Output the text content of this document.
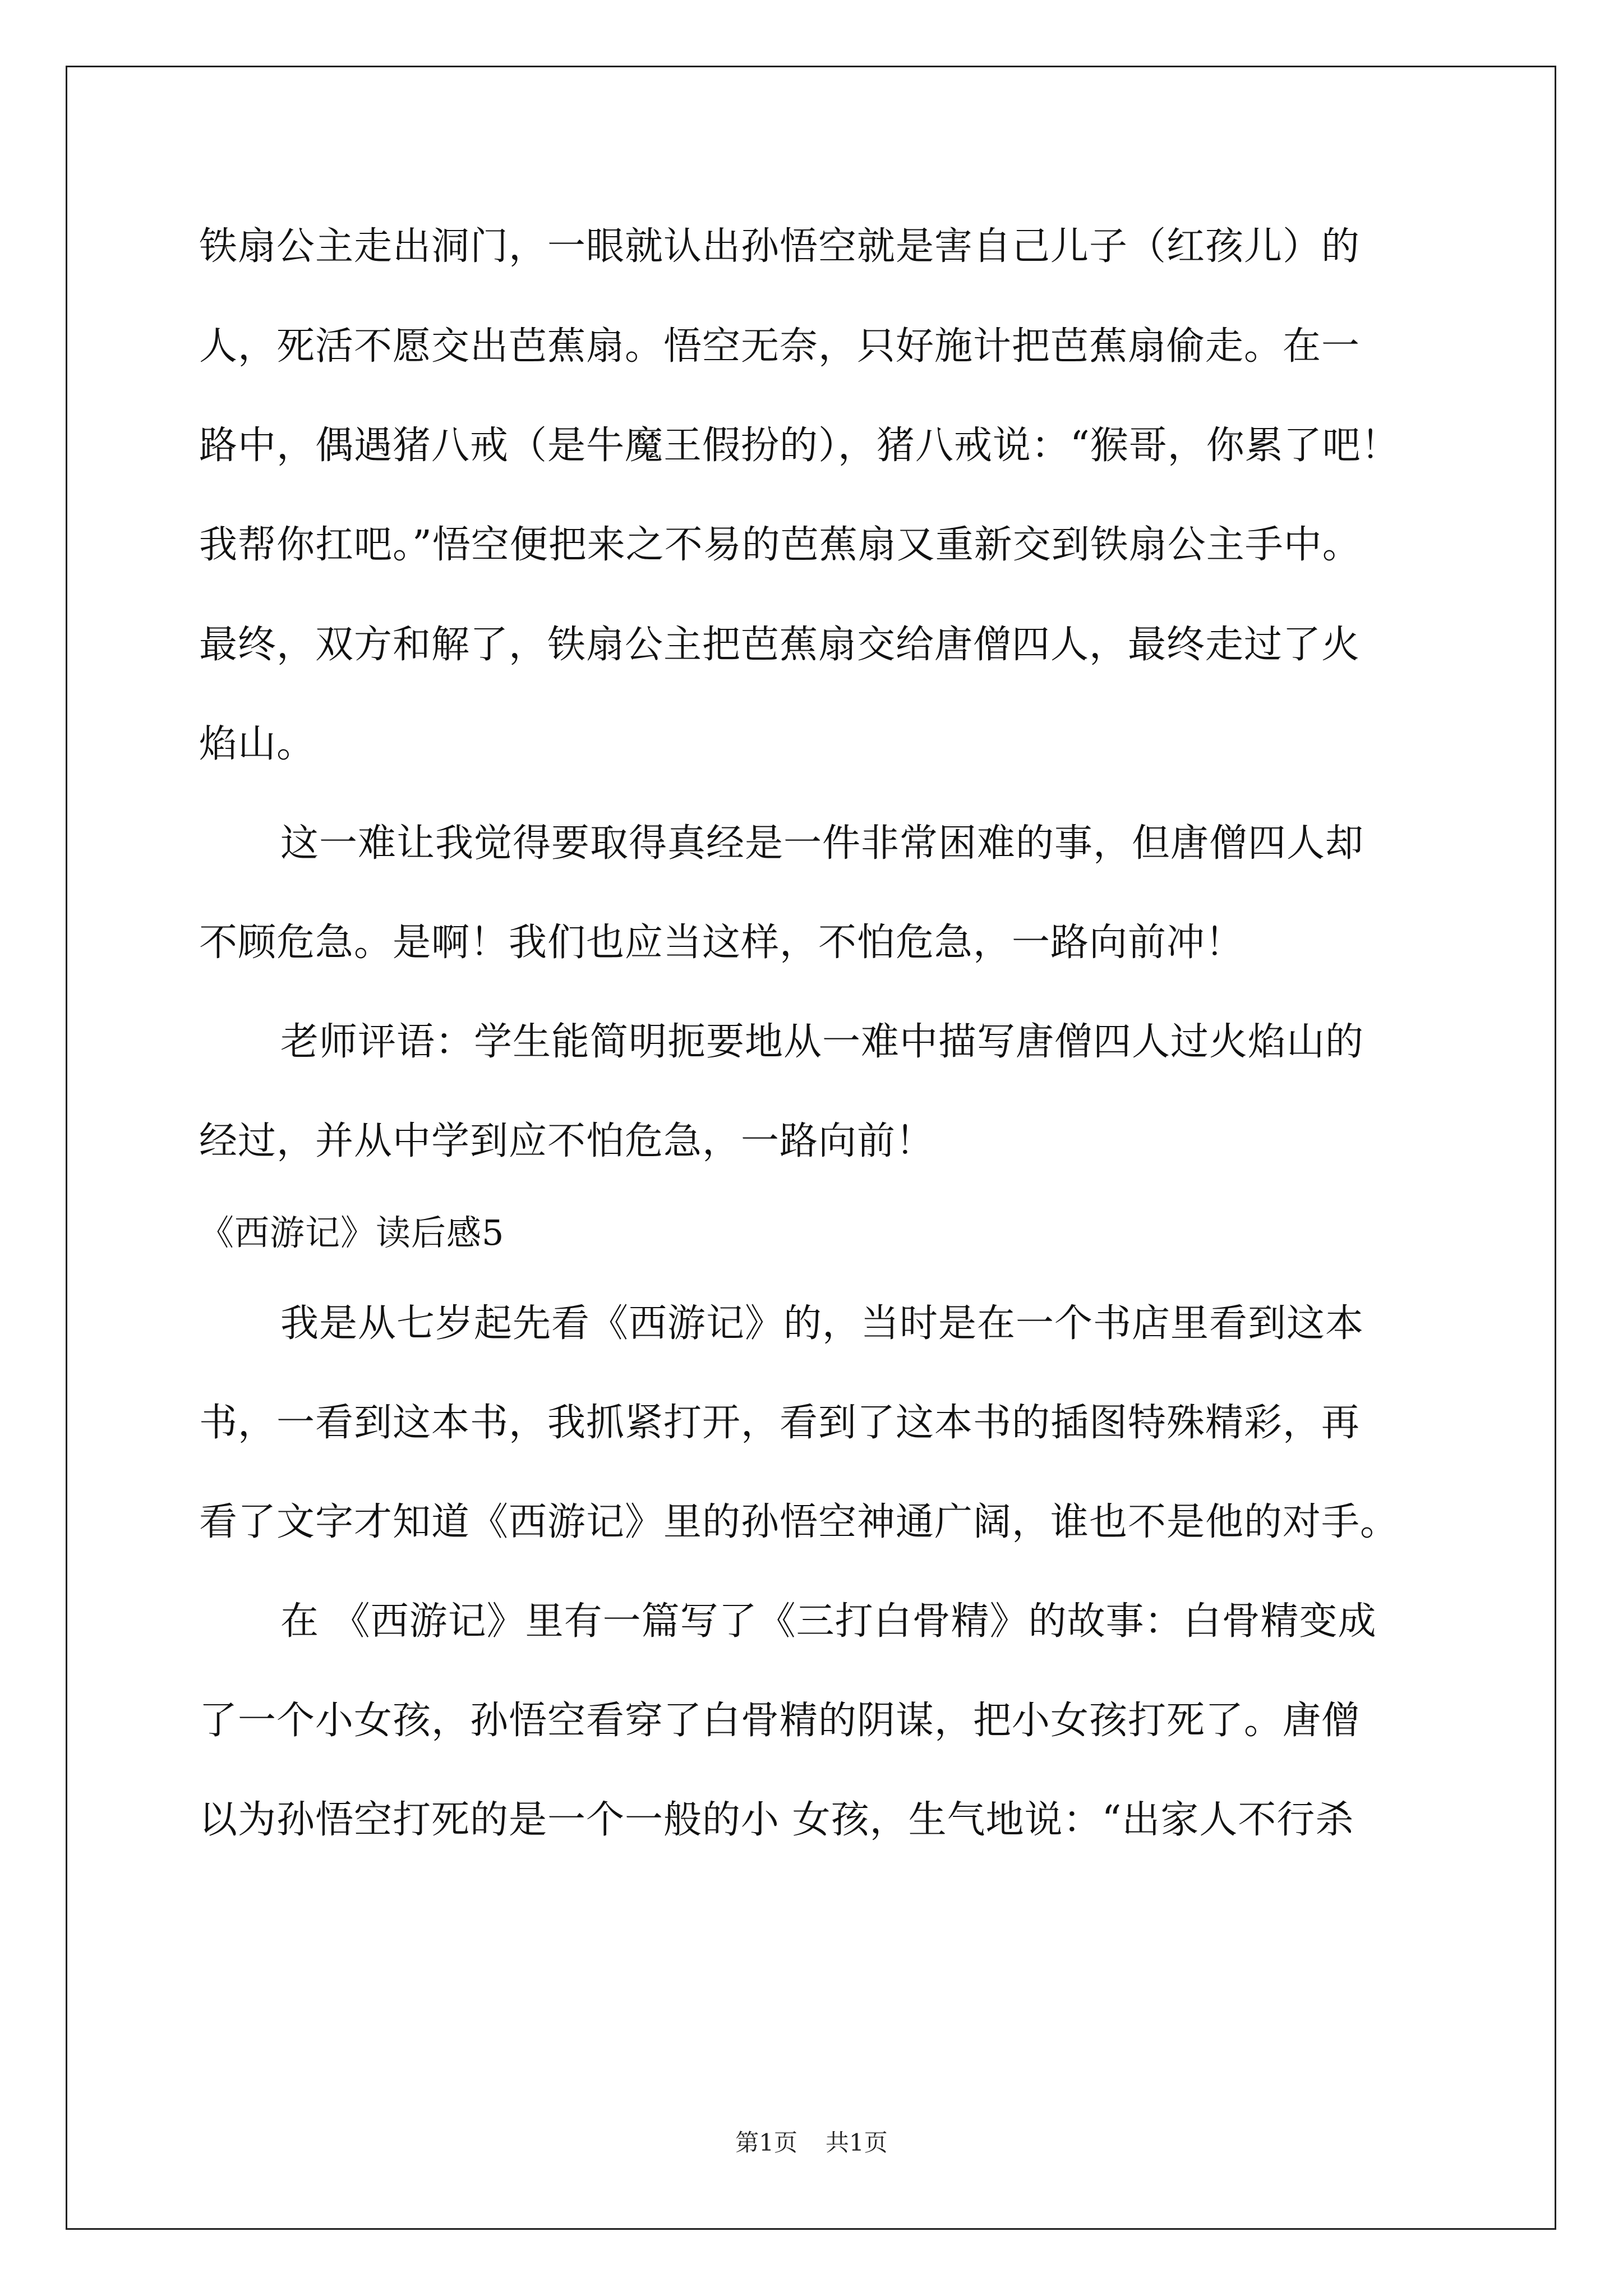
铁扇公主走出洞门，一眼就认出孙悟空就是害自己儿子（红孩儿）的
人，死活不愿交出芭蕉扇。悟空无奈，只好施计把芭蕉扇偷走。在一
路中，偶遇猪八戒（是牛魔王假扮的），猪八戒说：“猴哥，你累了吧！
我帮你扛吧。”悟空便把来之不易的芭蕉扇又重新交到铁扇公主手中。
最终，双方和解了，铁扇公主把芭蕉扇交给唐僧四人，最终走过了火
焰山。
这一难让我觉得要取得真经是一件非常困难的事，但唐僧四人却
不顾危急。是啊！我们也应当这样，不怕危急，一路向前冲！
老师评语：学生能简明扼要地从一难中描写唐僧四人过火焰山的
经过，并从中学到应不怕危急，一路向前！
《西游记》读后感5
我是从七岁起先看《西游记》的，当时是在一个书店里看到这本
书，一看到这本书，我抓紧打开，看到了这本书的插图特殊精彩，再
看了文字才知道《西游记》里的孙悟空神通广阔，谁也不是他的对手。
在 《西游记》里有一篇写了《三打白骨精》的故事：白骨精变成
了一个小女孩，孙悟空看穿了白骨精的阴谋，把小女孩打死了。唐僧
以为孙悟空打死的是一个一般的小 女孩，生气地说：“出家人不行杀
第1页 共1页
